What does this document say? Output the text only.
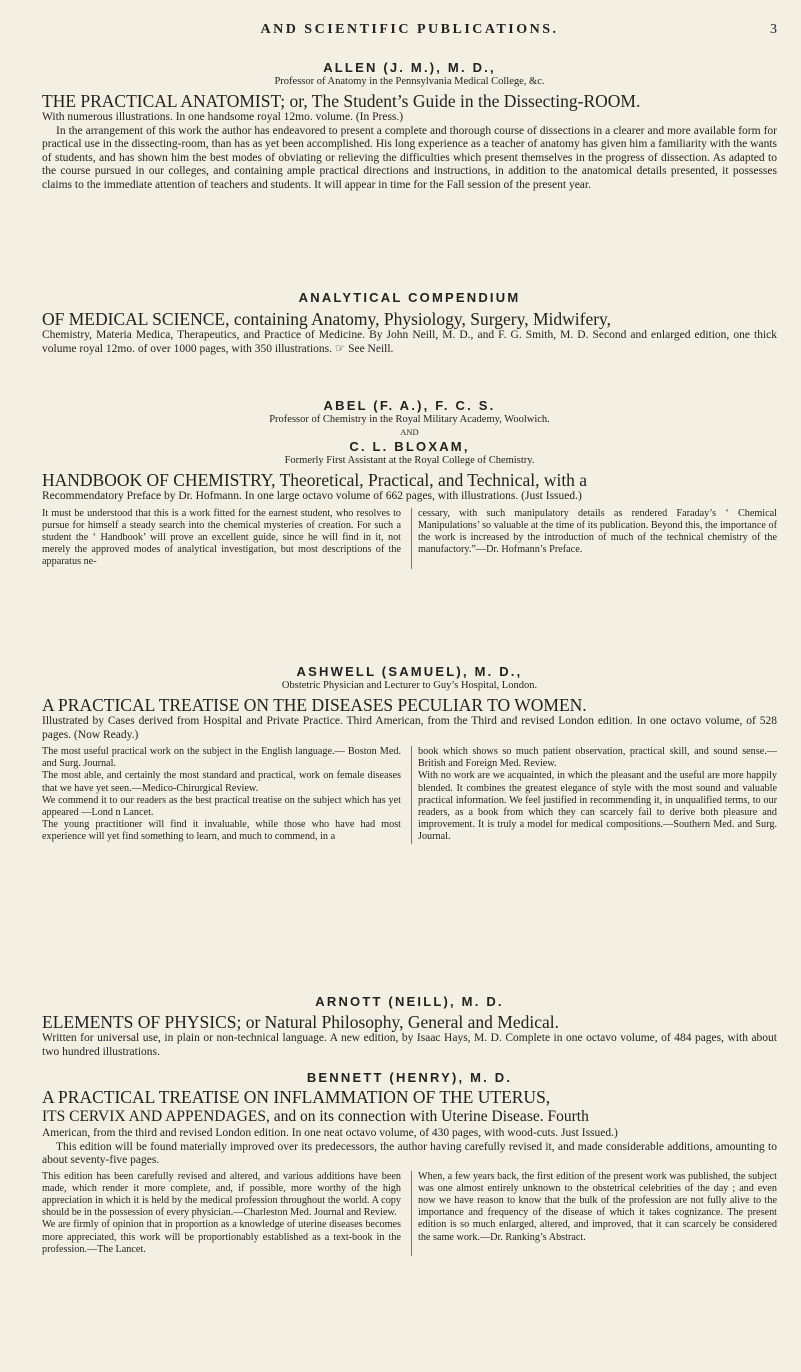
AND SCIENTIFIC PUBLICATIONS.	3

ALLEN (J. M.), M. D.,

Professor of Anatomy in the Pennsylvania Medical College, &c.

THE PRACTICAL ANATOMIST; or, The Student’s Guide in the Dissecting-ROOM.

With numerous illustrations. In one handsome royal 12mo. volume. (In Press.)

In the arrangement of this work the author has endeavored to present a complete and thorough course of dissections in a clearer and more available form for practical use in the dissecting-room, than has as yet been accomplished. His long experience as a teacher of anatomy has given him a familiarity with the wants of students, and has shown him the best modes of obviating or relieving the difficulties which present themselves in the progress of dissection. As adapted to the course pursued in our colleges, and containing ample practical directions and instructions, in addition to the anatomical details presented, it possesses claims to the immediate attention of teachers and students. It will appear in time for the Fall session of the present year.

ANALYTICAL COMPENDIUM

OF MEDICAL SCIENCE, containing Anatomy, Physiology, Surgery, Midwifery,

Chemistry, Materia Medica, Therapeutics, and Practice of Medicine. By John Neill, M. D., and F. G. Smith, M. D. Second and enlarged edition, one thick volume royal 12mo. of over 1000 pages, with 350 illustrations. ☞ See Neill.

ABEL (F. A.), F. C. S.

Professor of Chemistry in the Royal Military Academy, Woolwich.

AND

C. L. BLOXAM,

Formerly First Assistant at the Royal College of Chemistry.

HANDBOOK OF CHEMISTRY, Theoretical, Practical, and Technical, with a

Recommendatory Preface by Dr. Hofmann. In one large octavo volume of 662 pages, with illustrations. (Just Issued.)

It must be understood that this is a work fitted for the earnest student, who resolves to pursue for himself a steady search into the chemical mysteries of creation. For such a student the ‘ Handbook’ will prove an excellent guide, since he will find in it, not merely the approved modes of analytical investigation, but most descriptions of the apparatus ne-

cessary, with such manipulatory details as rendered Faraday’s ‘ Chemical Manipulations’ so valuable at the time of its publication. Beyond this, the importance of the work is increased by the introduction of much of the technical chemistry of the manufactory.”—Dr. Hofmann’s Preface.

ASHWELL (SAMUEL), M. D.,

Obstetric Physician and Lecturer to Guy’s Hospital, London.

A PRACTICAL TREATISE ON THE DISEASES PECULIAR TO WOMEN.

Illustrated by Cases derived from Hospital and Private Practice. Third American, from the Third and revised London edition. In one octavo volume, of 528 pages. (Now Ready.)

The most useful practical work on the subject in the English language.— Boston Med. and Surg. Journal.
The most able, and certainly the most standard and practical, work on female diseases that we have yet seen.—Medico-Chirurgical Review.
We commend it to our readers as the best practical treatise on the subject which has yet appeared —Lond n Lancet.
The young practitioner will find it invaluable, while those who have had most experience will yet find something to learn, and much to commend, in a

book which shows so much patient observation, practical skill, and sound sense.—British and Foreign Med. Review.
With no work are we acquainted, in which the pleasant and the useful are more happily blended. It combines the greatest elegance of style with the most sound and valuable practical information. We feel justified in recommending it, in unqualified terms, to our readers, as a book from which they can scarcely fail to derive both pleasure and improvement. It is truly a model for medical compositions.—Southern Med. and Surg. Journal.

ARNOTT (NEILL), M. D.

ELEMENTS OF PHYSICS; or Natural Philosophy, General and Medical.

Written for universal use, in plain or non-technical language. A new edition, by Isaac Hays, M. D. Complete in one octavo volume, of 484 pages, with about two hundred illustrations.

BENNETT (HENRY), M. D.

A PRACTICAL TREATISE ON INFLAMMATION OF THE UTERUS,

ITS CERVIX AND APPENDAGES, and on its connection with Uterine Disease. Fourth

American, from the third and revised London edition. In one neat octavo volume, of 430 pages, with wood-cuts. Just Issued.)

This edition will be found materially improved over its predecessors, the author having carefully revised it, and made considerable additions, amounting to about seventy-five pages.

This edition has been carefully revised and altered, and various additions have been made, which render it more complete, and, if possible, more worthy of the high appreciation in which it is held by the medical profession throughout the world. A copy should be in the possession of every physician.—Charleston Med. Journal and Review.
We are firmly of opinion that in proportion as a knowledge of uterine diseases becomes more appreciated, this work will be proportionably established as a text-book in the profession.—The Lancet.

When, a few years back, the first edition of the present work was published, the subject was one almost entirely unknown to the obstetrical celebrities of the day ; and even now we have reason to know that the bulk of the profession are not fully alive to the importance and frequency of the disease of which it takes cognizance. The present edition is so much enlarged, altered, and improved, that it can scarcely be considered the same work.—Dr. Ranking’s Abstract.
